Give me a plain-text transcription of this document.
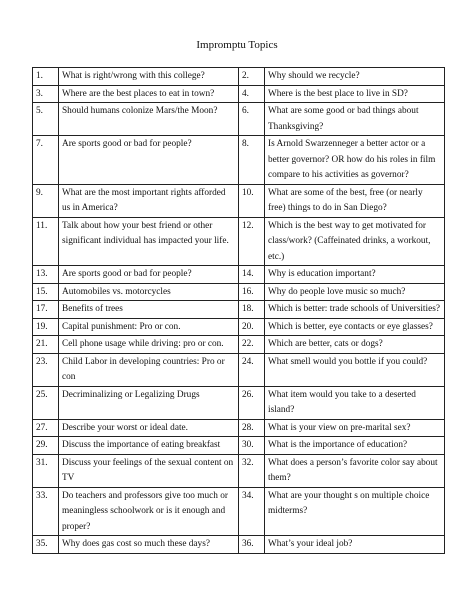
Impromptu Topics
1.	What is right/wrong with this college?	2.	Why should we recycle?
3.	Where are the best places to eat in town?	4.	Where is the best place to live in SD?
5.	Should humans colonize Mars/the Moon?	6.	What are some good or bad things about Thanksgiving?
7.	Are sports good or bad for people?	8.	Is Arnold Swarzenneger a better actor or a better governor? OR how do his roles in film compare to his activities as governor?
9.	What are the most important rights afforded us in America?	10.	What are some of the best, free (or nearly free) things to do in San Diego?
11.	Talk about how your best friend or other significant individual has impacted your life.	12.	Which is the best way to get motivated for class/work? (Caffeinated drinks, a workout, etc.)
13.	Are sports good or bad for people?	14.	Why is education important?
15.	Automobiles vs. motorcycles	16.	Why do people love music so much?
17.	Benefits of trees	18.	Which is better: trade schools of Universities?
19.	Capital punishment: Pro or con.	20.	Which is better, eye contacts or eye glasses?
21.	Cell phone usage while driving: pro or con.	22.	Which are better, cats or dogs?
23.	Child Labor in developing countries: Pro or con	24.	What smell would you bottle if you could?
25.	Decriminalizing or Legalizing Drugs	26.	What item would you take to a deserted island?
27.	Describe your worst or ideal date.	28.	What is your view on pre-marital sex?
29.	Discuss the importance of eating breakfast	30.	What is the importance of education?
31.	Discuss your feelings of the sexual content on TV	32.	What does a person’s favorite color say about them?
33.	Do teachers and professors give too much or meaningless schoolwork or is it enough and proper?	34.	What are your thought s on multiple choice midterms?
35.	Why does gas cost so much these days?	36.	What’s your ideal job?
